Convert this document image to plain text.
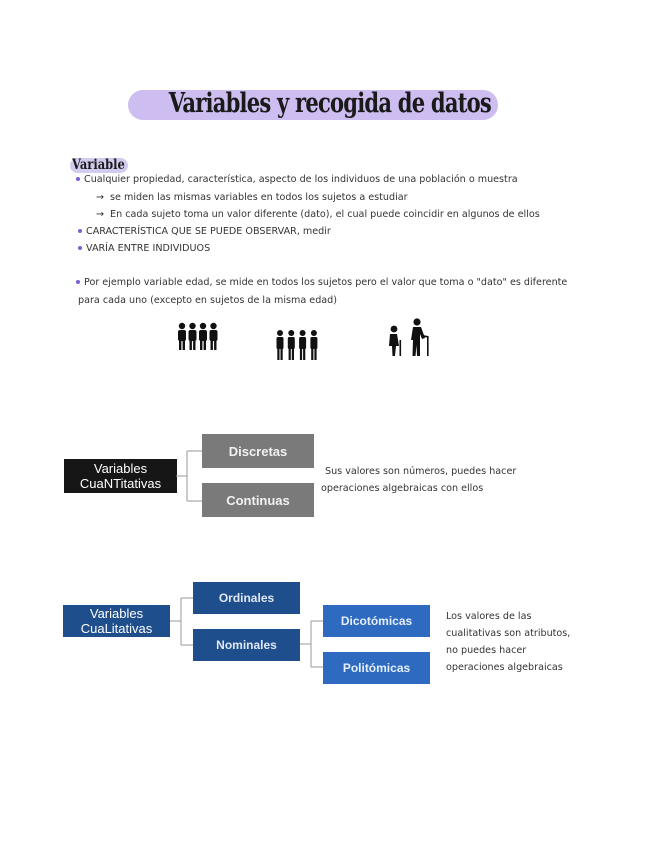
Variables y recogida de datos
Variable
Cualquier propiedad, característica, aspecto de los individuos de una población o muestra
→ se miden las mismas variables en todos los sujetos a estudiar
→ En cada sujeto toma un valor diferente (dato), el cual puede coincidir en algunos de ellos
CARACTERÍSTICA QUE SE PUEDE OBSERVAR, medir
VARÍA ENTRE INDIVIDUOS
Por ejemplo variable edad, se mide en todos los sujetos pero el valor que toma o "dato" es diferente
para cada uno (excepto en sujetos de la misma edad)
Variables
CuaNTitativas
Discretas
Continuas
Sus valores son números, puedes hacer
operaciones algebraicas con ellos
Variables
CuaLitativas
Ordinales
Nominales
Dicotómicas
Politómicas
Los valores de las
cualitativas son atributos,
no puedes hacer
operaciones algebraicas
